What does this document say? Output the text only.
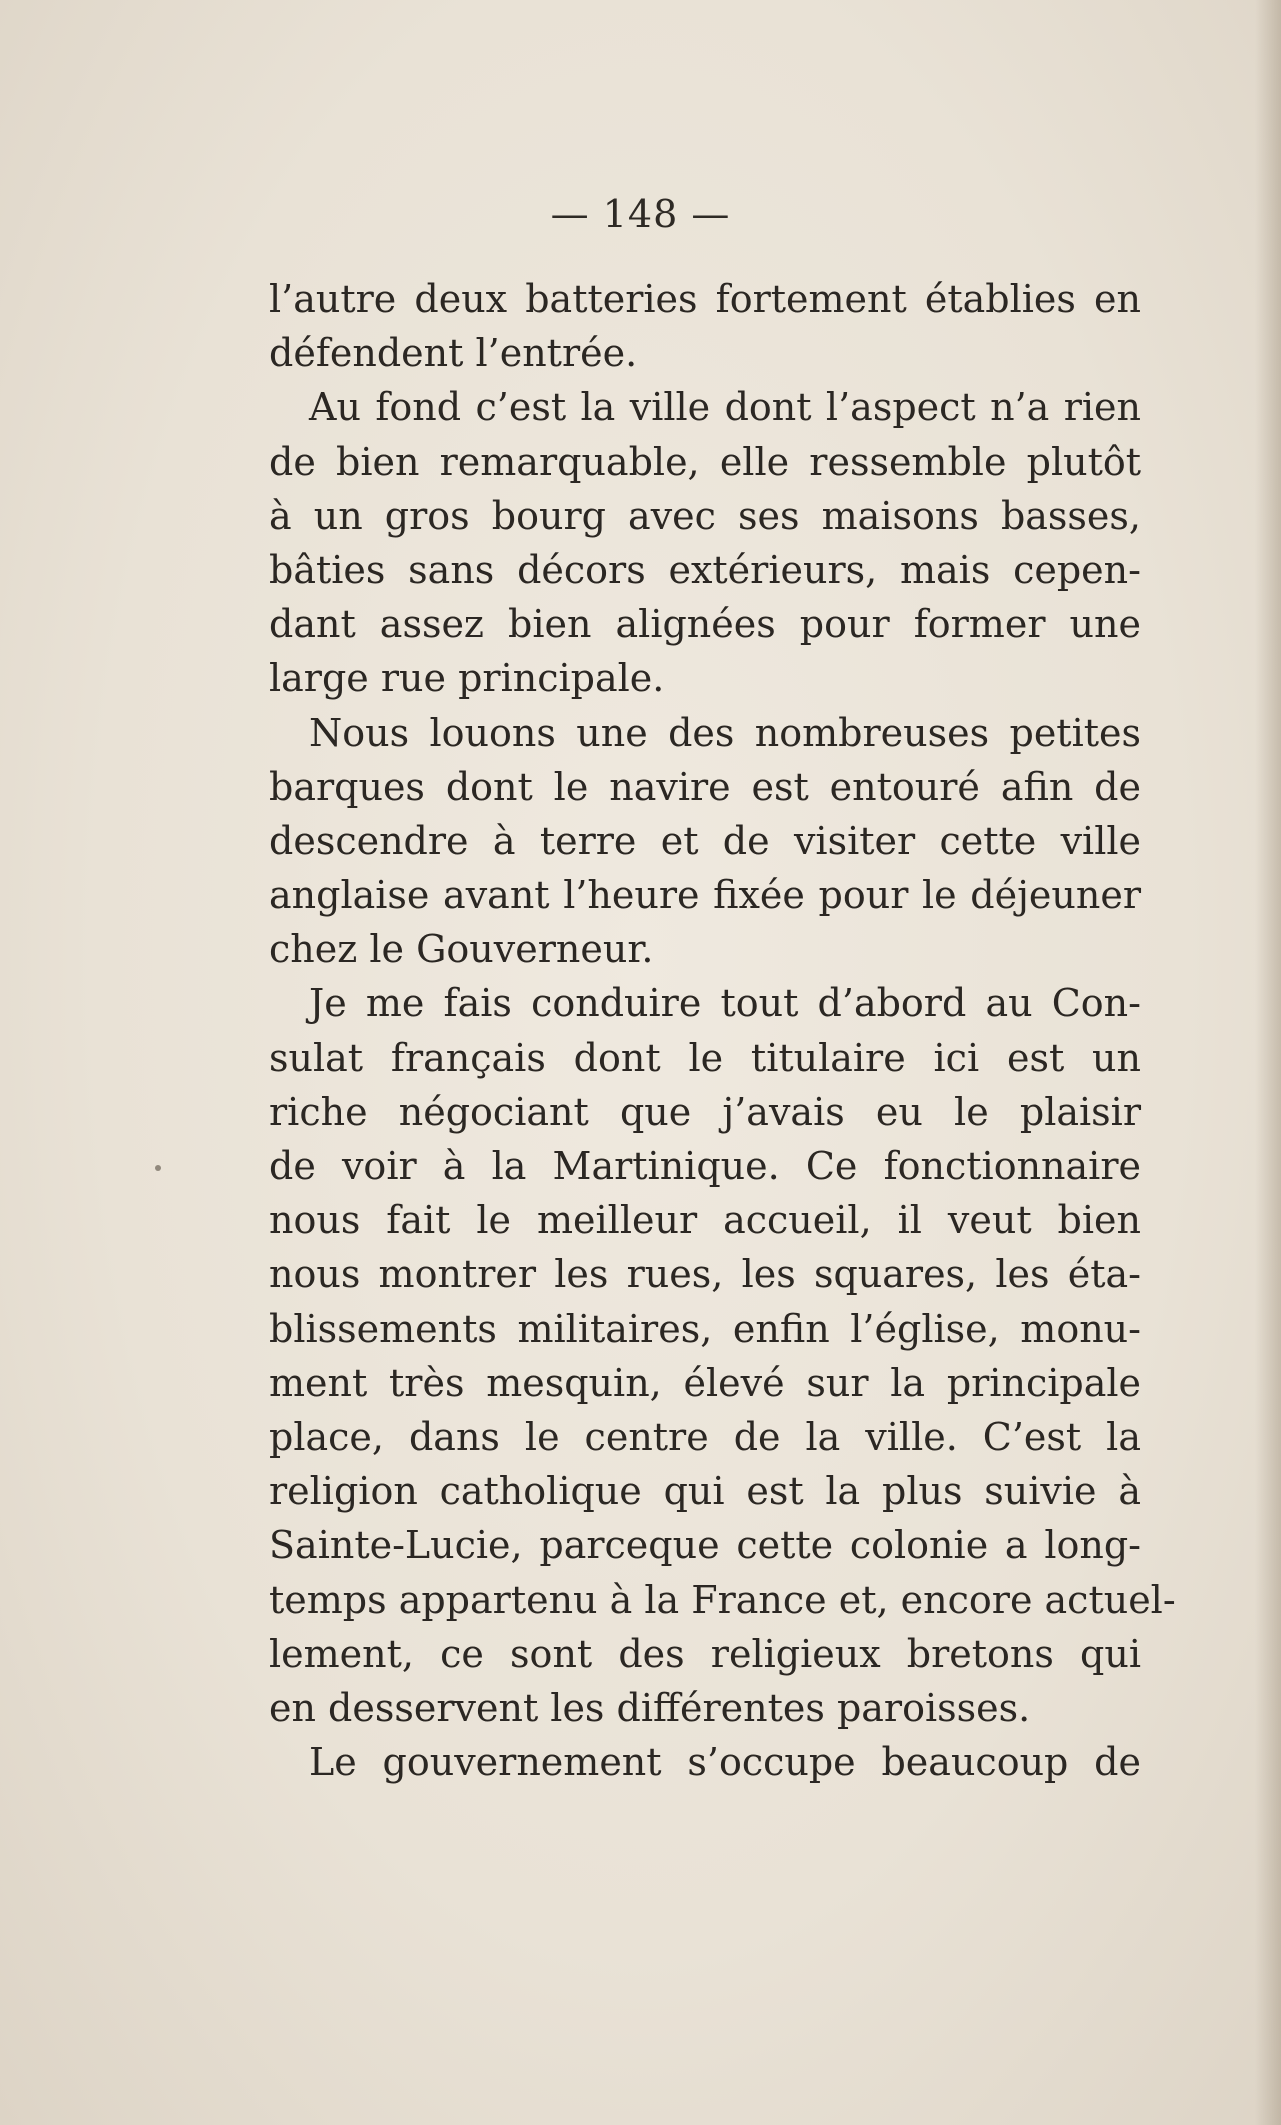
— 148 —
l’autre deux batteries fortement établies en
défendent l’entrée.
Au fond c’est la ville dont l’aspect n’a rien
de bien remarquable, elle ressemble plutôt
à un gros bourg avec ses maisons basses,
bâties sans décors extérieurs, mais cepen-
dant assez bien alignées pour former une
large rue principale.
Nous louons une des nombreuses petites
barques dont le navire est entouré afin de
descendre à terre et de visiter cette ville
anglaise avant l’heure fixée pour le déjeuner
chez le Gouverneur.
Je me fais conduire tout d’abord au Con-
sulat français dont le titulaire ici est un
riche négociant que j’avais eu le plaisir
de voir à la Martinique. Ce fonctionnaire
nous fait le meilleur accueil, il veut bien
nous montrer les rues, les squares, les éta-
blissements militaires, enfin l’église, monu-
ment très mesquin, élevé sur la principale
place, dans le centre de la ville. C’est la
religion catholique qui est la plus suivie à
Sainte-Lucie, parceque cette colonie a long-
temps appartenu à la France et, encore actuel-
lement, ce sont des religieux bretons qui
en desservent les différentes paroisses.
Le gouvernement s’occupe beaucoup de
